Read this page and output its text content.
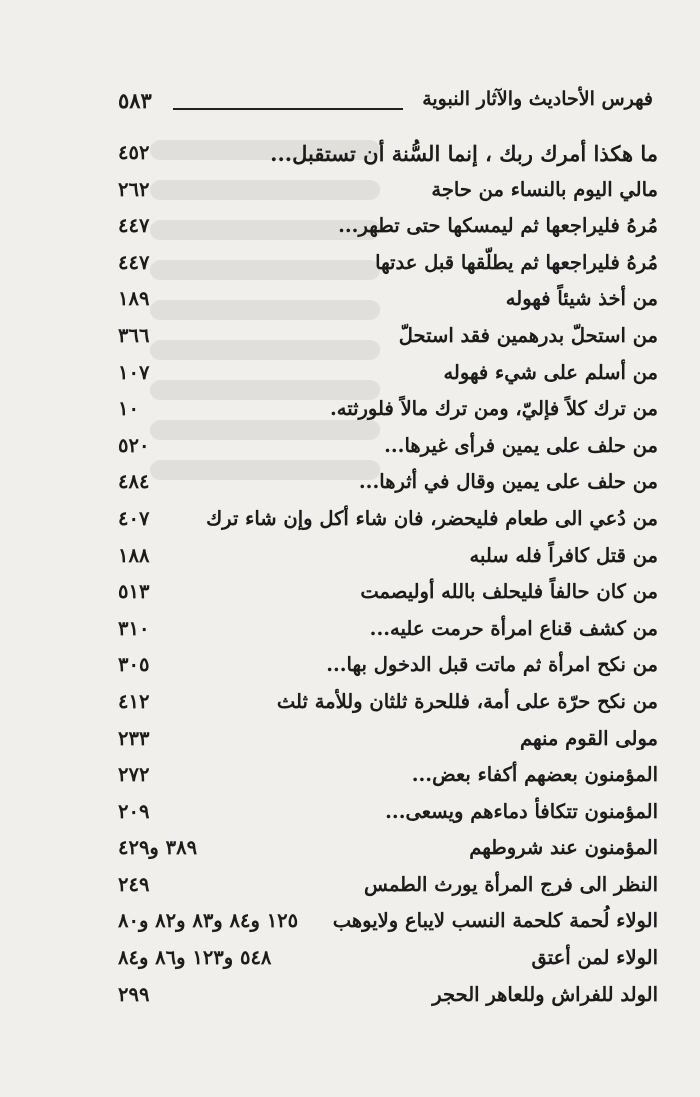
٥٨٣	فهرس الأحاديث والآثار النبوية
ما هكذا أمرك ربك ، إنما السُّنة أن تستقبل...
٤٥٢
مالي اليوم بالنساء من حاجة
٢٦٢
مُرهُ فليراجعها ثم ليمسكها حتى تطهر...
٤٤٧
مُرهُ فليراجعها ثم يطلّقها قبل عدتها
٤٤٧
من أخذ شيئاً فهوله
١٨٩
من استحلّ بدرهمين فقد استحلّ
٣٦٦
من أسلم على شيء فهوله
١٠٧
من ترك كلاً فإليّ، ومن ترك مالاً فلورثته.
١٠
من حلف على يمين فرأى غيرها...
٥٢٠
من حلف على يمين وقال في أثرها...
٤٨٤
من دُعي الى طعام فليحضر، فان شاء أكل وإن شاء ترك
٤٠٧
من قتل كافراً فله سلبه
١٨٨
من كان حالفاً فليحلف بالله أوليصمت
٥١٣
من كشف قناع امرأة حرمت عليه...
٣١٠
من نكح امرأة ثم ماتت قبل الدخول بها...
٣٠٥
من نكح حرّة على أمة، فللحرة ثلثان وللأمة ثلث
٤١٢
مولى القوم منهم
٢٣٣
المؤمنون بعضهم أكفاء بعض...
٢٧٢
المؤمنون تتكافأ دماءهم ويسعى...
٢٠٩
المؤمنون عند شروطهم
٣٨٩ و٤٢٩
النظر الى فرج المرأة يورث الطمس
٢٤٩
الولاء لُحمة كلحمة النسب لايباع ولايوهب
١٢٥ و٨٤ و٨٣ و٨٢ و٨٠
الولاء لمن أعتق
٥٤٨ و١٢٣ و٨٦ و٨٤
الولد للفراش وللعاهر الحجر
٢٩٩
